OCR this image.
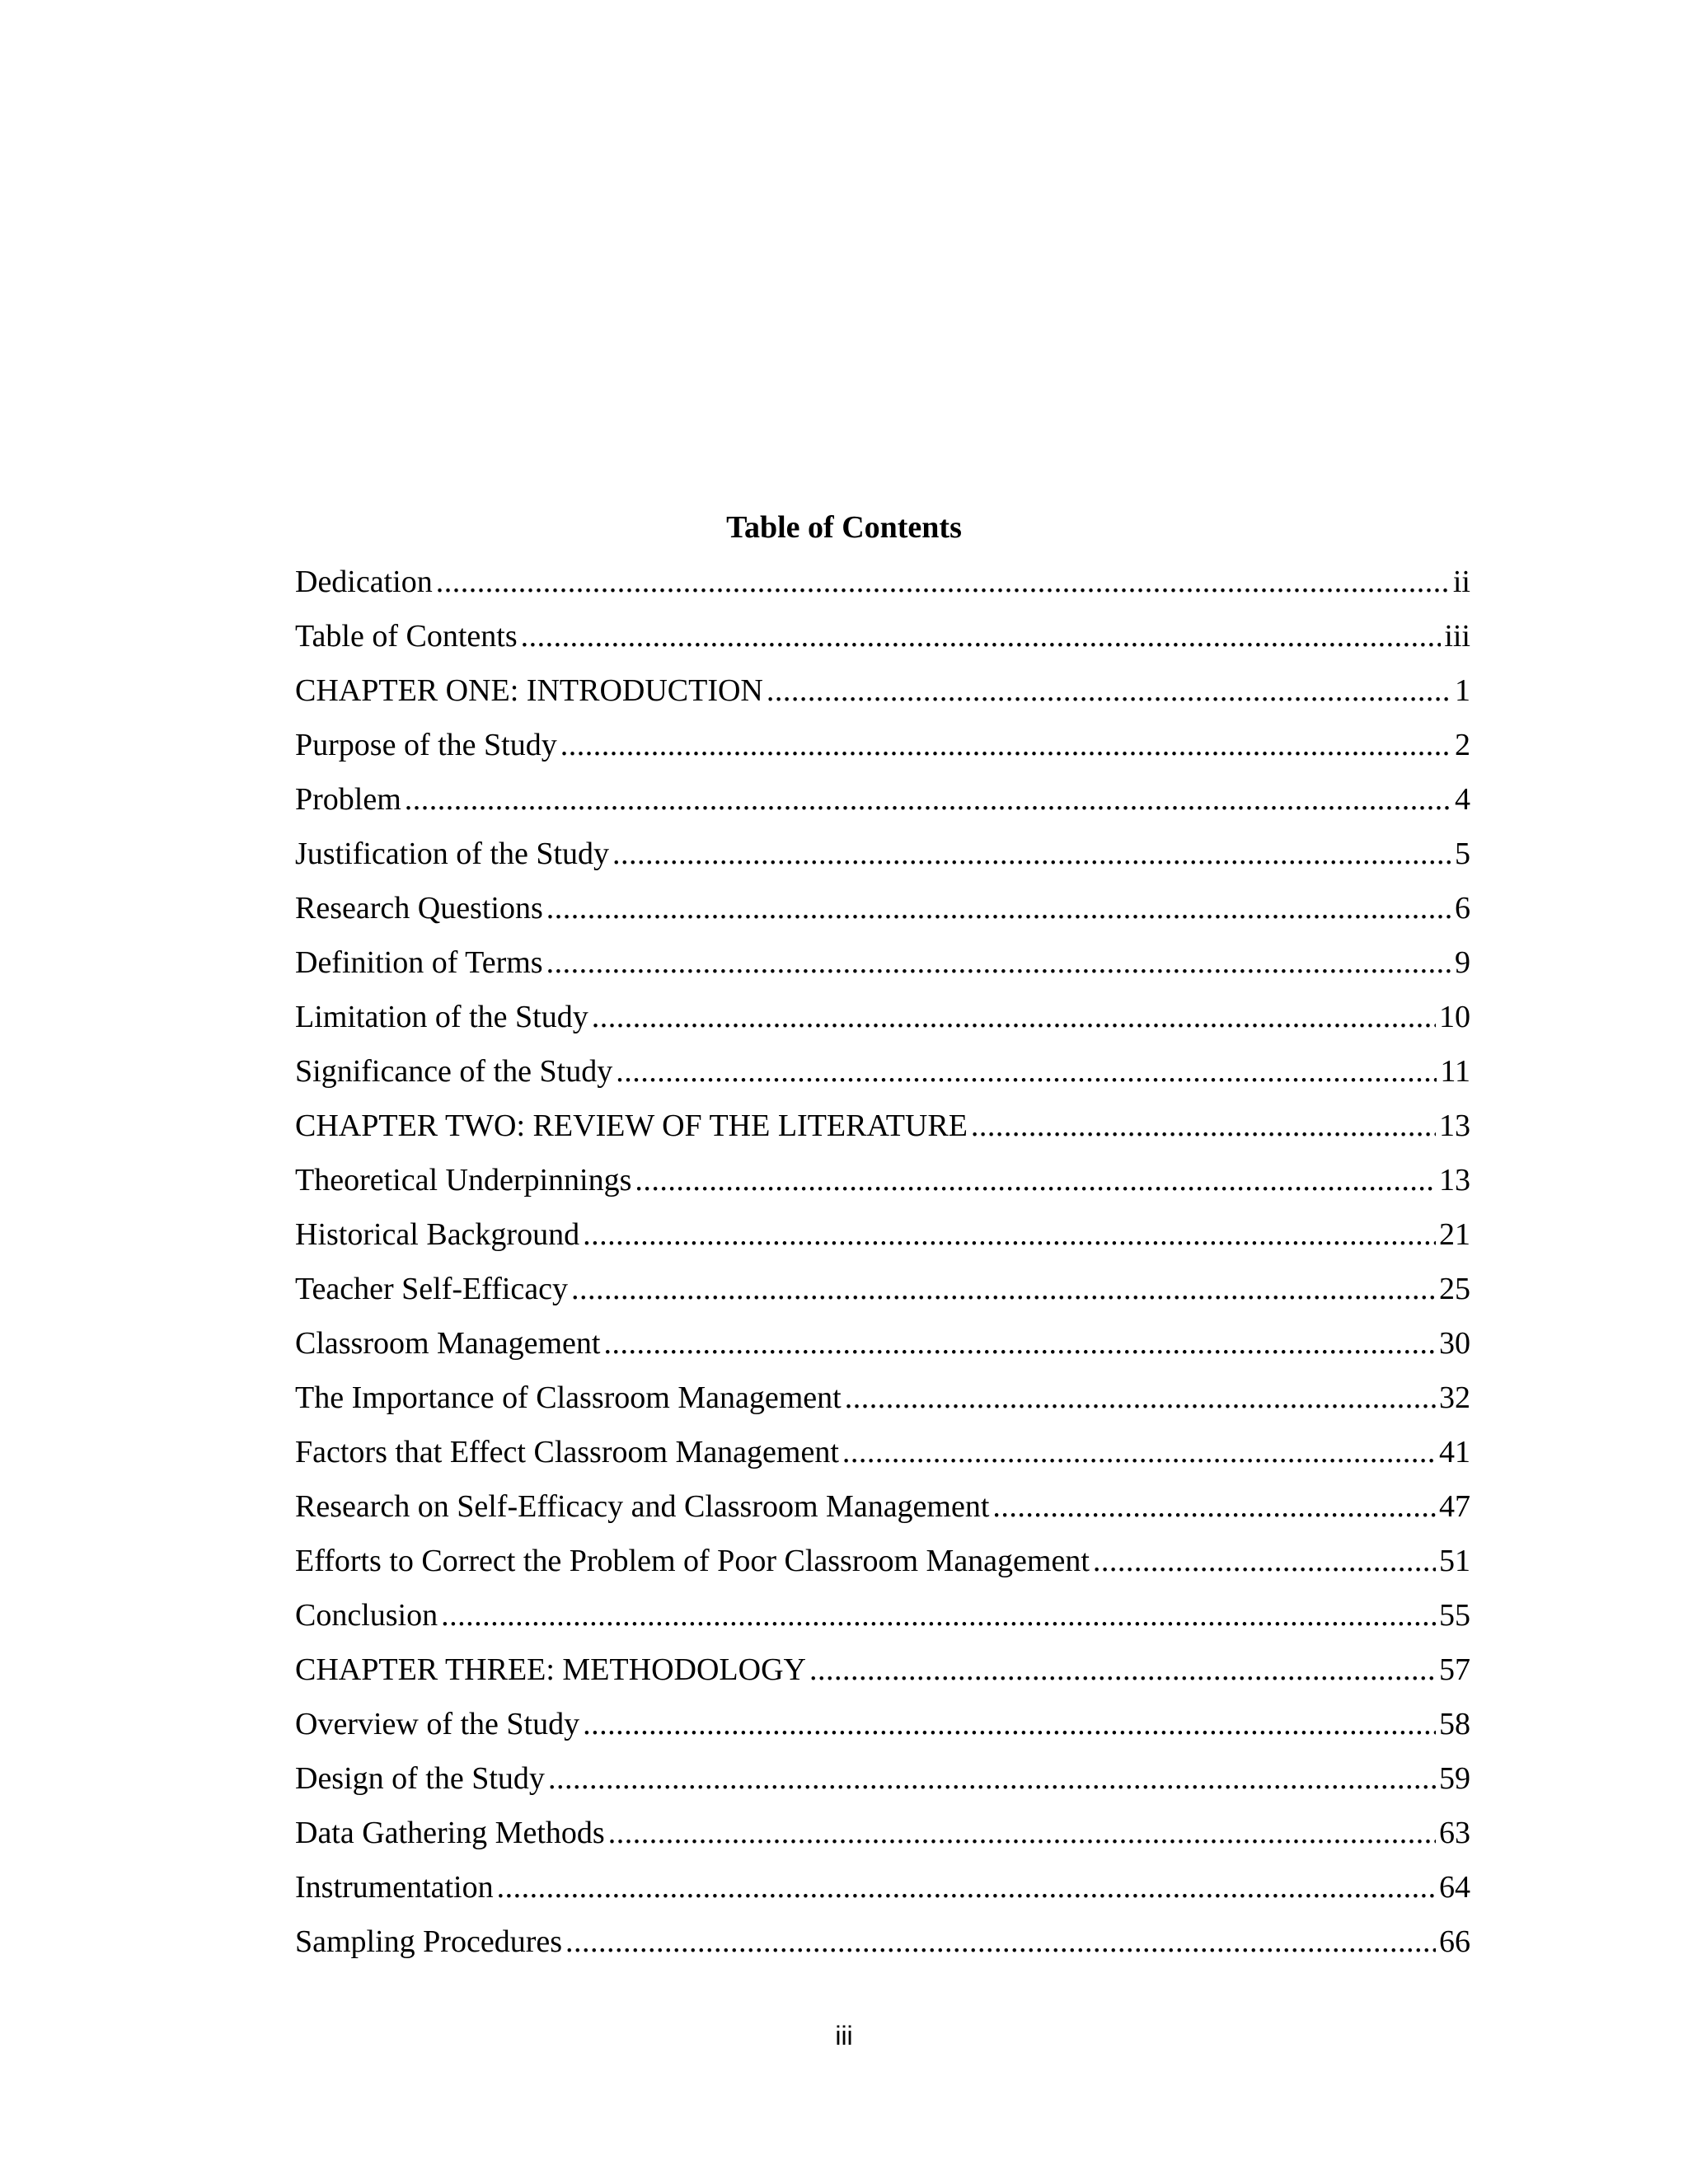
Table of Contents
Dedication .....	ii
Table of Contents .....	iii
CHAPTER ONE: INTRODUCTION .....	1
Purpose of the Study .....	2
Problem .....	4
Justification of the Study .....	5
Research Questions .....	6
Definition of Terms .....	9
Limitation of the Study .....	10
Significance of the Study .....	11
CHAPTER TWO: REVIEW OF THE LITERATURE .....	13
Theoretical Underpinnings .....	13
Historical Background .....	21
Teacher Self-Efficacy .....	25
Classroom Management .....	30
The Importance of Classroom Management .....	32
Factors that Effect Classroom Management .....	41
Research on Self-Efficacy and Classroom Management .....	47
Efforts to Correct the Problem of Poor Classroom Management .....	51
Conclusion .....	55
CHAPTER THREE: METHODOLOGY .....	57
Overview of the Study .....	58
Design of the Study .....	59
Data Gathering Methods .....	63
Instrumentation .....	64
Sampling Procedures .....	66
iii
